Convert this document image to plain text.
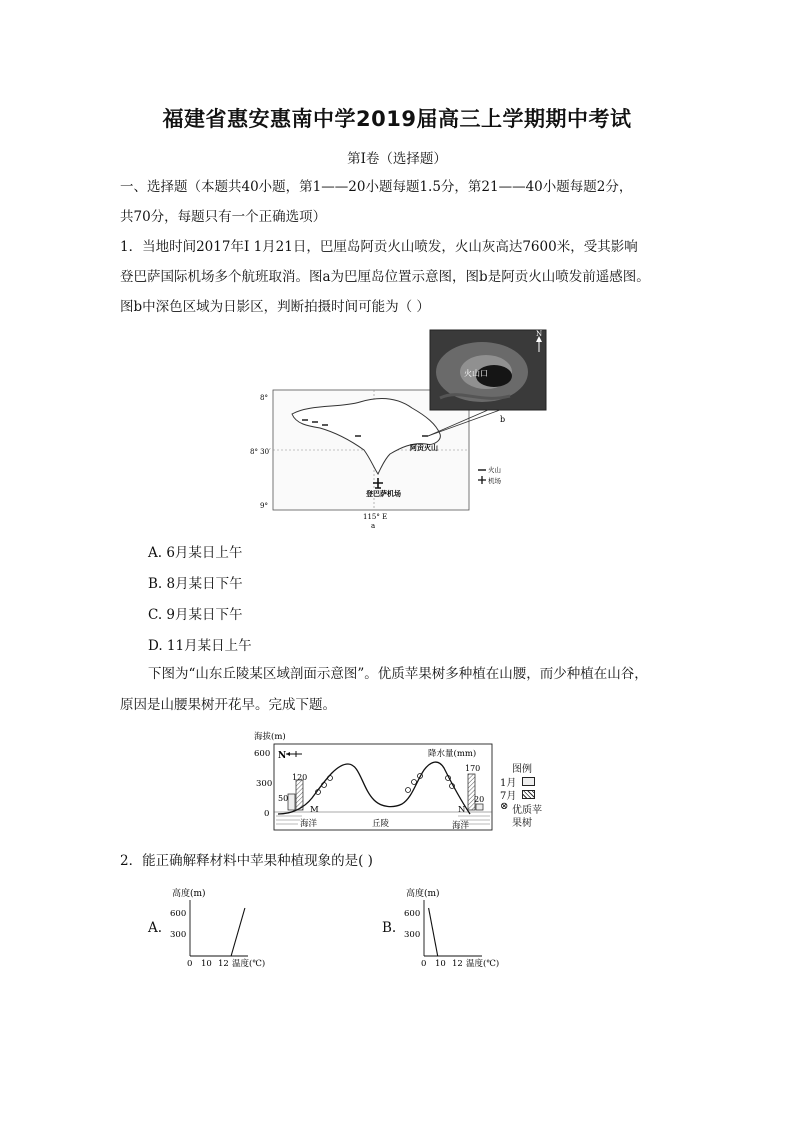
福建省惠安惠南中学2019届高三上学期期中考试
第Ⅰ卷（选择题）
一、选择题（本题共40小题，第1——20小题每题1.5分，第21——40小题每题2分，
共70分，每题只有一个正确选项）
1．当地时间2017年Ⅰ 1月21日，巴厘岛阿贡火山喷发，火山灰高达7600米，受其影响
登巴萨国际机场多个航班取消。图a为巴厘岛位置示意图，图b是阿贡火山喷发前遥感图。
图b中深色区域为日影区，判断拍摄时间可能为（ ）
N
火山口
8°
8° 30′
9°
115° E
a
b
阿贡火山
登巴萨机场
火山
机场
A. 6月某日上午
B. 8月某日下午
C. 9月某日下午
D. 11月某日上午
下图为“山东丘陵某区域剖面示意图”。优质苹果树多种植在山腰，而少种植在山谷，
原因是山腰果树开花早。完成下题。
海拔(m)
600
300
0
N
50
120
20
170
降水量(mm)
M	N
海洋	海洋
丘陵
图例
1月
7月
⊗ 优质苹
果树
2．能正确解释材料中苹果种植现象的是( )
A.
高度(m)
600
300
0 10 12 温度(℃)
B.
高度(m)
600
300
0 10 12 温度(℃)
